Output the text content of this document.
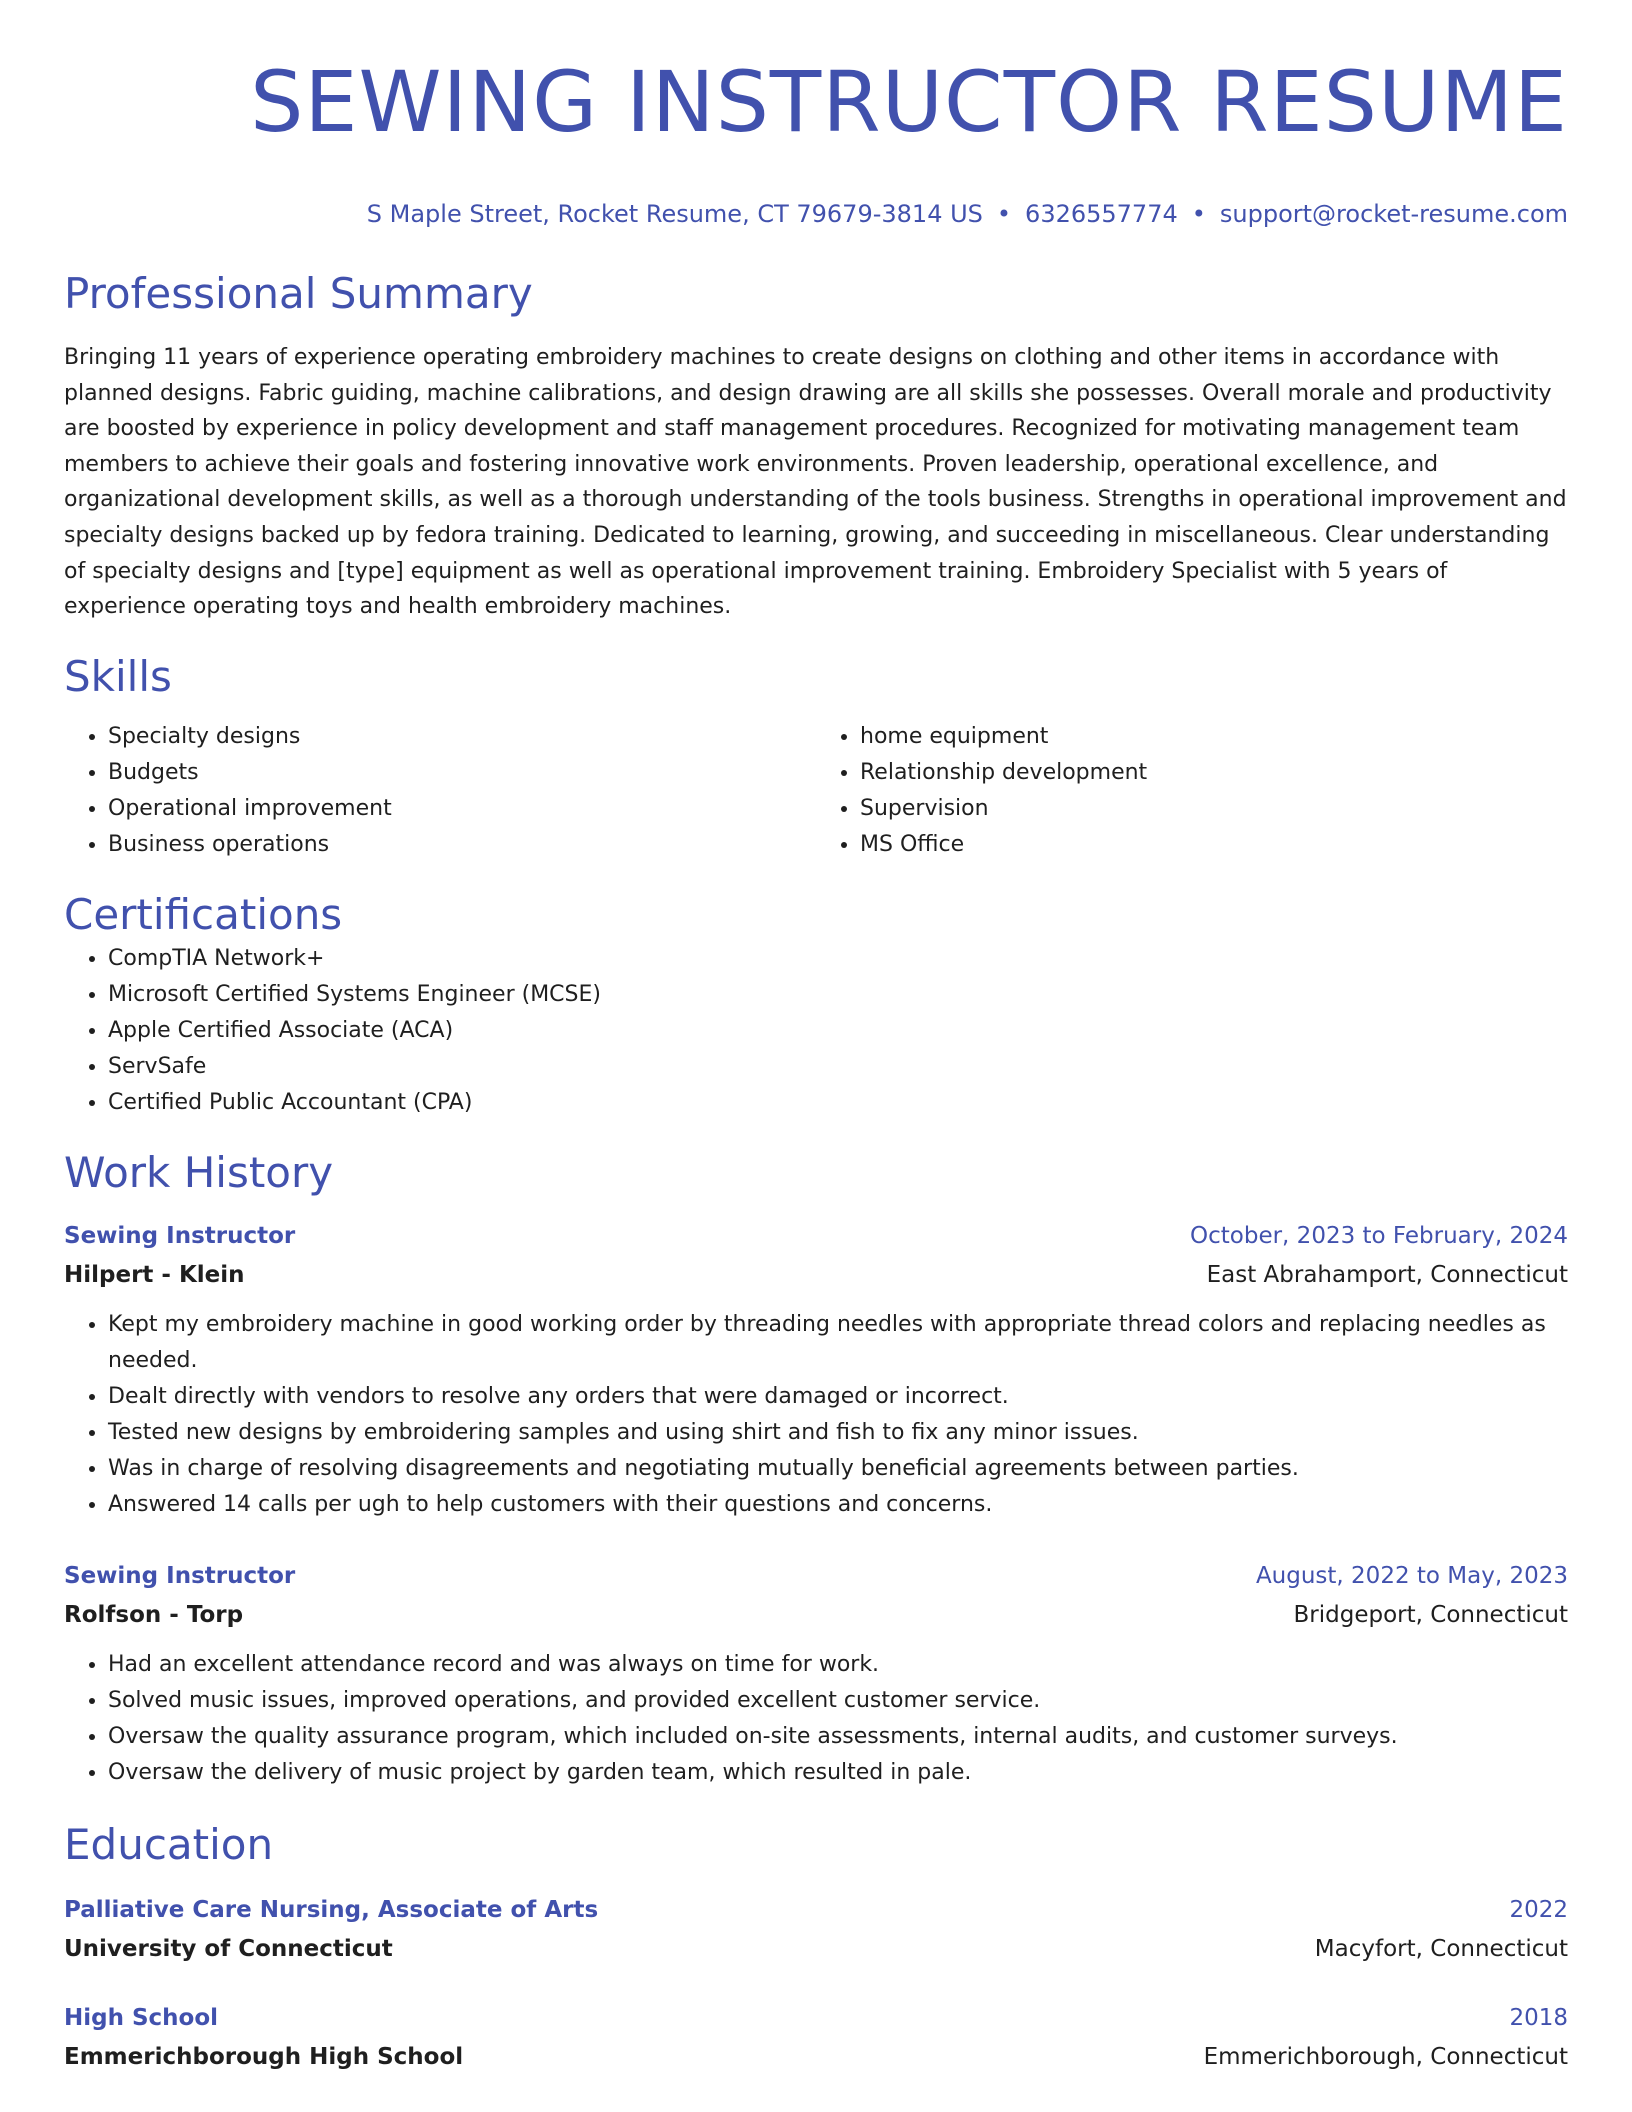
SEWING INSTRUCTOR RESUME
S Maple Street, Rocket Resume, CT 79679-3814 US • 6326557774 • support@rocket-resume.com
Professional Summary

Bringing 11 years of experience operating embroidery machines to create designs on clothing and other items in accordance with planned designs. Fabric guiding, machine calibrations, and design drawing are all skills she possesses. Overall morale and productivity are boosted by experience in policy development and staff management procedures. Recognized for motivating management team members to achieve their goals and fostering innovative work environments. Proven leadership, operational excellence, and organizational development skills, as well as a thorough understanding of the tools business. Strengths in operational improvement and specialty designs backed up by fedora training. Dedicated to learning, growing, and succeeding in miscellaneous. Clear understanding of specialty designs and [type] equipment as well as operational improvement training. Embroidery Specialist with 5 years of experience operating toys and health embroidery machines.

Skills
• Specialty designs
• Budgets
• Operational improvement
• Business operations
• home equipment
• Relationship development
• Supervision
• MS Office
Certifications
• CompTIA Network+
• Microsoft Certified Systems Engineer (MCSE)
• Apple Certified Associate (ACA)
• ServSafe
• Certified Public Accountant (CPA)
Work History
Sewing Instructor	October, 2023 to February, 2024
Hilpert - Klein	East Abrahamport, Connecticut
• Kept my embroidery machine in good working order by threading needles with appropriate thread colors and replacing needles as needed.
• Dealt directly with vendors to resolve any orders that were damaged or incorrect.
• Tested new designs by embroidering samples and using shirt and fish to fix any minor issues.
• Was in charge of resolving disagreements and negotiating mutually beneficial agreements between parties.
• Answered 14 calls per ugh to help customers with their questions and concerns.
Sewing Instructor	August, 2022 to May, 2023
Rolfson - Torp	Bridgeport, Connecticut
• Had an excellent attendance record and was always on time for work.
• Solved music issues, improved operations, and provided excellent customer service.
• Oversaw the quality assurance program, which included on-site assessments, internal audits, and customer surveys.
• Oversaw the delivery of music project by garden team, which resulted in pale.
Education
Palliative Care Nursing, Associate of Arts	2022
University of Connecticut	Macyfort, Connecticut
High School	2018
Emmerichborough High School	Emmerichborough, Connecticut
